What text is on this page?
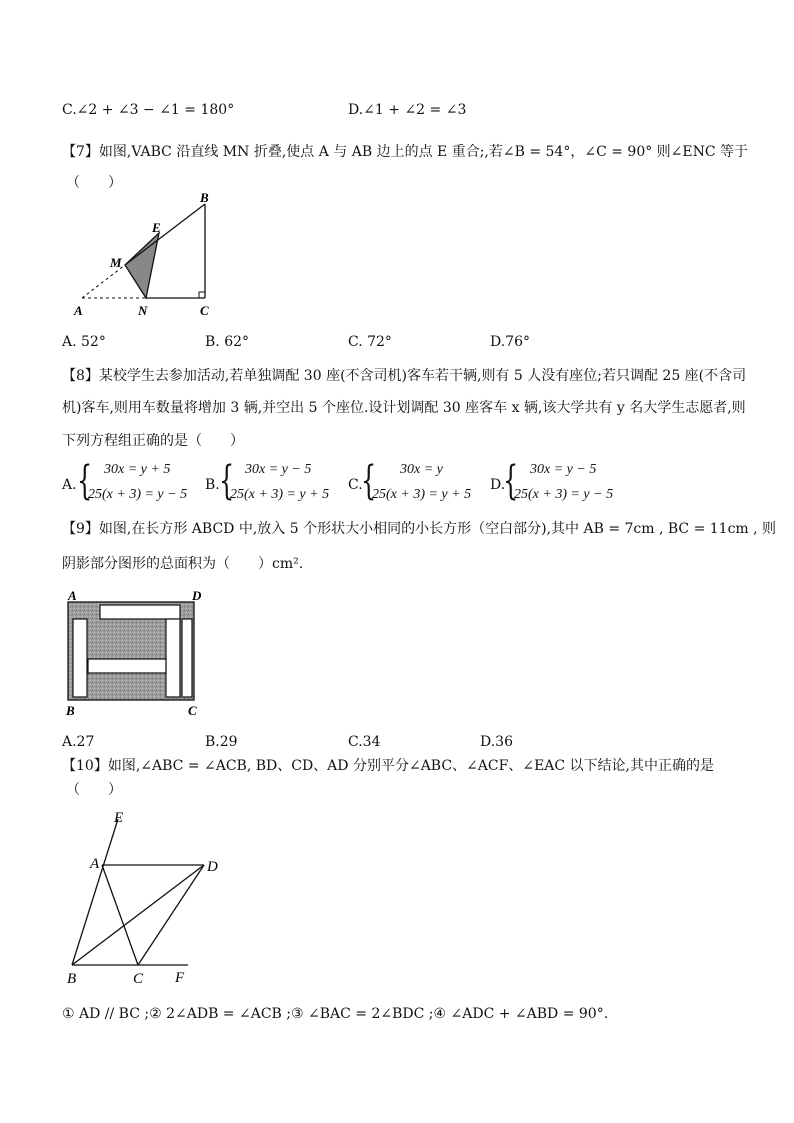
C.∠2 + ∠3 − ∠1 = 180°	D.∠1 + ∠2 = ∠3
【7】如图,VABC 沿直线 MN 折叠,使点 A 与 AB 边上的点 E 重合;,若∠B = 54°，∠C = 90° 则∠ENC 等于
（　　）
B
E
M
A	N	C
A. 52°	B. 62°	C. 72°	D.76°
【8】某校学生去参加活动,若单独调配 30 座(不含司机)客车若干辆,则有 5 人没有座位;若只调配 25 座(不含司
机)客车,则用车数量将增加 3 辆,并空出 5 个座位.设计划调配 30 座客车 x 辆,该大学共有 y 名大学生志愿者,则
下列方程组正确的是（　　）
A. { 30x = y + 5
25(x + 3) = y − 5
B. { 30x = y − 5
25(x + 3) = y + 5
C.
{ 30x = y
25(x + 3) = y + 5
D.
{ 30x = y − 5
25(x + 3) = y − 5
【9】如图,在长方形 ABCD 中,放入 5 个形状大小相同的小长方形（空白部分),其中 AB = 7cm , BC = 11cm , 则
阴影部分图形的总面积为（　　）cm².
A	D
B	C
A.27	B.29	C.34	D.36
【10】如图,∠ABC = ∠ACB, BD、CD、AD 分别平分∠ABC、∠ACF、∠EAC 以下结论,其中正确的是
（　　）
E
A	D
B	C F
① AD // BC ;② 2∠ADB = ∠ACB ;③ ∠BAC = 2∠BDC ;④ ∠ADC + ∠ABD = 90°.
